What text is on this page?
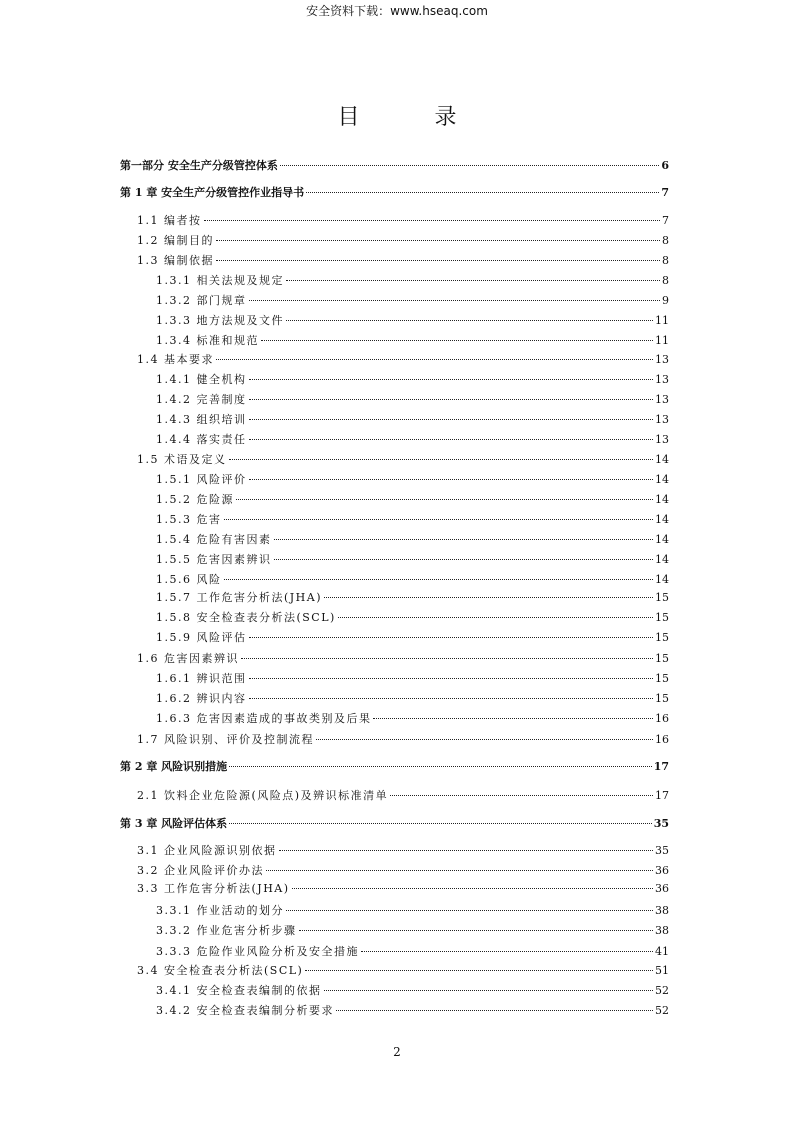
安全资料下载：www.hseaq.com
目 录
第一部分 安全生产分级管控体系	6
第 1 章 安全生产分级管控作业指导书	7
1.1 编者按	7
1.2 编制目的	8
1.3 编制依据	8
1.3.1 相关法规及规定	8
1.3.2 部门规章	9
1.3.3 地方法规及文件	11
1.3.4 标准和规范	11
1.4 基本要求	13
1.4.1 健全机构	13
1.4.2 完善制度	13
1.4.3 组织培训	13
1.4.4 落实责任	13
1.5 术语及定义	14
1.5.1 风险评价	14
1.5.2 危险源	14
1.5.3 危害	14
1.5.4 危险有害因素	14
1.5.5 危害因素辨识	14
1.5.6 风险	14
1.5.7 工作危害分析法(JHA)	15
1.5.8 安全检查表分析法(SCL)	15
1.5.9 风险评估	15
1.6 危害因素辨识	15
1.6.1 辨识范围	15
1.6.2 辨识内容	15
1.6.3 危害因素造成的事故类别及后果	16
1.7 风险识别、评价及控制流程	16
第 2 章 风险识别措施	17
2.1 饮料企业危险源(风险点)及辨识标准清单	17
第 3 章 风险评估体系	35
3.1 企业风险源识别依据	35
3.2 企业风险评价办法	36
3.3 工作危害分析法(JHA)	36
3.3.1 作业活动的划分	38
3.3.2 作业危害分析步骤	38
3.3.3 危险作业风险分析及安全措施	41
3.4 安全检查表分析法(SCL)	51
3.4.1 安全检查表编制的依据	52
3.4.2 安全检查表编制分析要求	52
2
